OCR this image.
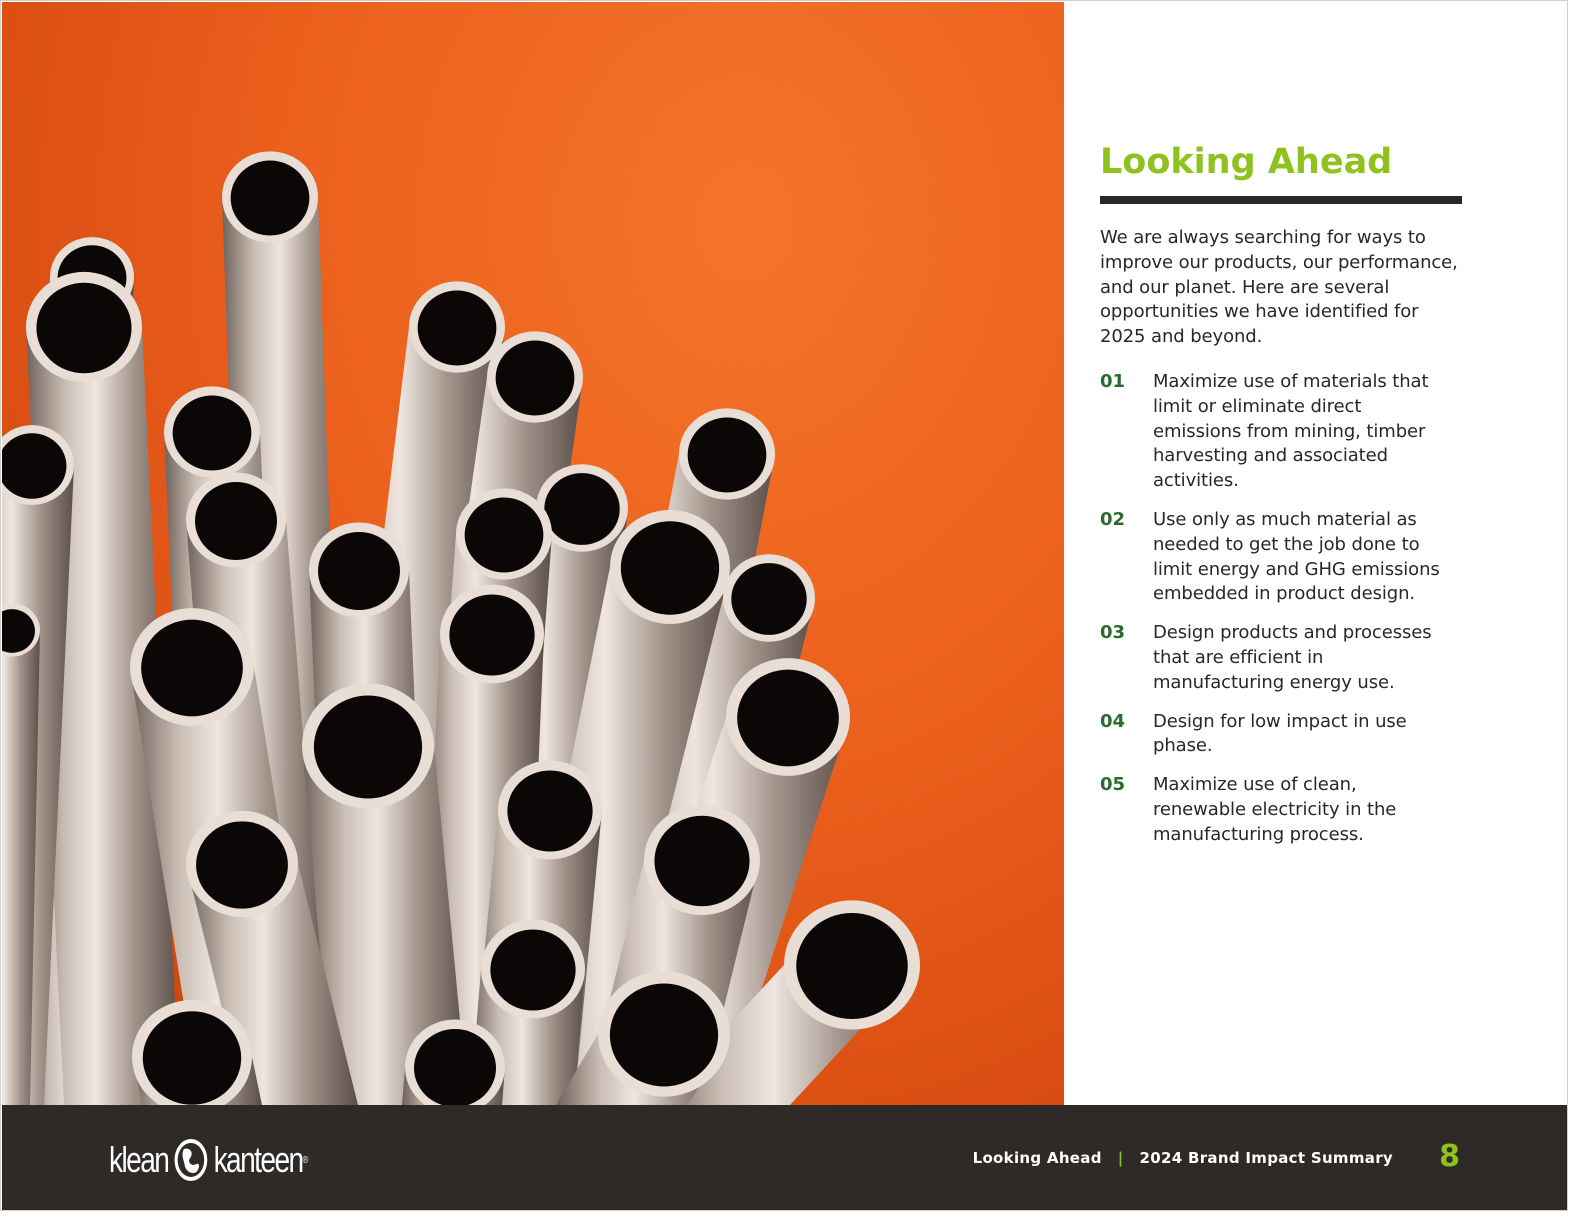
Looking Ahead

We are always searching for ways to improve our products, our performance, and our planet. Here are several opportunities we have identified for 2025 and beyond.

01	Maximize use of materials that limit or eliminate direct emissions from mining, timber harvesting and associated activities.
02	Use only as much material as needed to get the job done to limit energy and GHG emissions embedded in product design.
03	Design products and processes that are efficient in manufacturing energy use.
04	Design for low impact in use phase.
05	Maximize use of clean, renewable electricity in the manufacturing process.
klean kanteen ®	Looking Ahead | 2024 Brand Impact Summary 8
